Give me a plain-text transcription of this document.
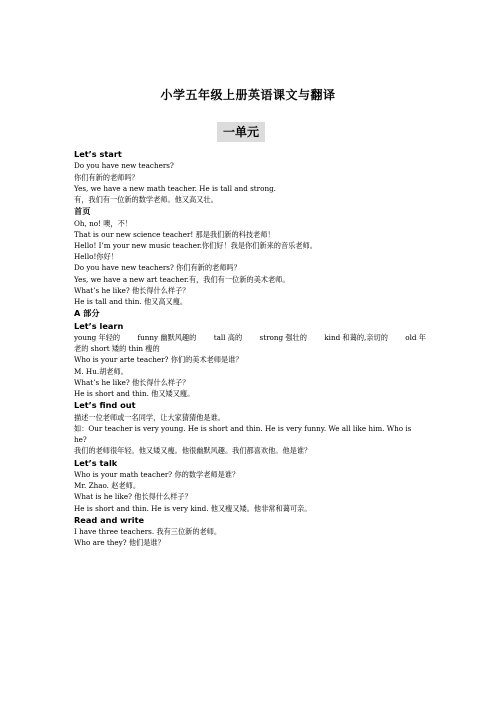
小学五年级上册英语课文与翻译
一单元
Let’s start
Do you have new teachers?
你们有新的老师吗？
Yes, we have a new math teacher. He is tall and strong.
有，我们有一位新的数学老师。他又高又壮。
首页
Oh, no! 噢，不！
That is our new science teacher! 那是我们新的科技老师！
Hello! I’m your new music teacher.你们好！我是你们新来的音乐老师。
Hello!你好！
Do you have new teachers? 你们有新的老师吗？
Yes, we have a new art teacher.有，我们有一位新的美术老师。
What’s he like? 他长得什么样子？
He is tall and thin. 他又高又瘦。
A 部分
Let’s learn
young 年轻的 funny 幽默风趣的 tall 高的 strong 强壮的 kind 和蔼的,亲切的 old 年
老的 short 矮的 thin 瘦的
Who is your arte teacher? 你们的美术老师是谁？
M. Hu.胡老师。
What’s he like? 他长得什么样子？
He is short and thin. 他又矮又瘦。
Let’s find out
描述一位老师或一名同学，让大家猜猜他是谁。
如：Our teacher is very young. He is short and thin. He is very funny. We all like him. Who is he?
我们的老师很年轻。他又矮又瘦。他很幽默风趣。我们都喜欢他。他是谁？
Let’s talk
Who is your math teacher? 你的数学老师是谁？
Mr. Zhao. 赵老师。
What is he like? 他长得什么样子？
He is short and thin. He is very kind. 他又瘦又矮。他非常和蔼可亲。
Read and write
I have three teachers. 我有三位新的老师。
Who are they? 他们是谁？
